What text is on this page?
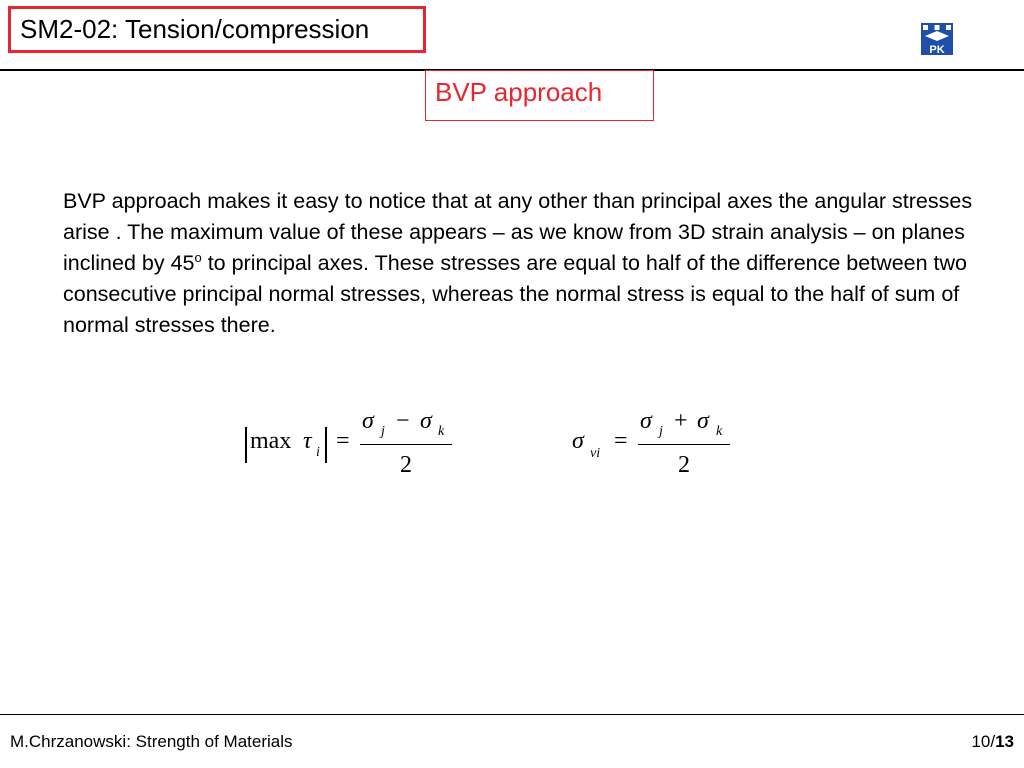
SM2-02: Tension/compression
PK
BVP approach

BVP approach makes it easy to notice that at any other than principal axes the angular stresses arise . The maximum value of these appears – as we know from 3D strain analysis – on planes inclined by 45$^o$ to principal axes. These stresses are equal to half of the difference between two consecutive principal normal stresses, whereas the normal stress is equal to the half of sum of normal stresses there.

max τ i =
σ j − σ k
2
σ vi =
σ j + σ k
2
M.Chrzanowski: Strength of Materials	10/13
